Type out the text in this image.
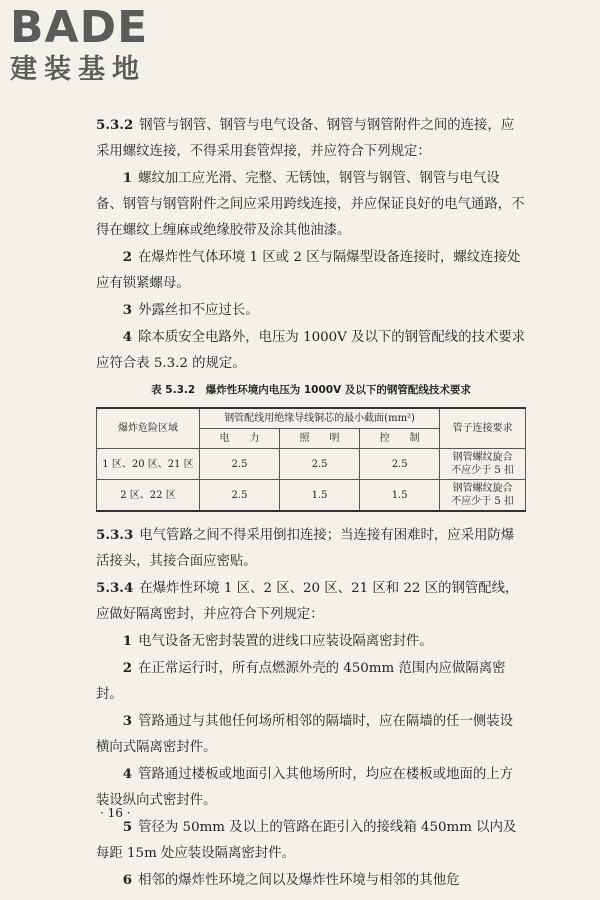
BADE
建装基地

5.3.2 钢管与钢管、钢管与电气设备、钢管与钢管附件之间的连接，应采用螺纹连接，不得采用套管焊接，并应符合下列规定：

1 螺纹加工应光滑、完整、无锈蚀，钢管与钢管、钢管与电气设备、钢管与钢管附件之间应采用跨线连接，并应保证良好的电气通路，不得在螺纹上缠麻或绝缘胶带及涂其他油漆。

2 在爆炸性气体环境 1 区或 2 区与隔爆型设备连接时，螺纹连接处应有锁紧螺母。

3 外露丝扣不应过长。

4 除本质安全电路外，电压为 1000V 及以下的钢管配线的技术要求应符合表 5.3.2 的规定。

表 5.3.2　爆炸性环境内电压为 1000V 及以下的钢管配线技术要求
爆炸危险区域	钢管配线用绝缘导线铜芯的最小截面(mm²)			管子连接要求
	电　　力	照　　明	控　　制	
1 区、20 区、21 区	2.5	2.5	2.5	钢管螺纹旋合
不应少于 5 扣

2 区、22 区	2.5	1.5	1.5	钢管螺纹旋合
不应少于 5 扣

5.3.3 电气管路之间不得采用倒扣连接；当连接有困难时，应采用防爆活接头，其接合面应密贴。

5.3.4 在爆炸性环境 1 区、2 区、20 区、21 区和 22 区的钢管配线，应做好隔离密封，并应符合下列规定：

1 电气设备无密封装置的进线口应装设隔离密封件。

2 在正常运行时，所有点燃源外壳的 450mm 范围内应做隔离密封。

3 管路通过与其他任何场所相邻的隔墙时，应在隔墙的任一侧装设横向式隔离密封件。

4 管路通过楼板或地面引入其他场所时，均应在楼板或地面的上方装设纵向式密封件。

5 管径为 50mm 及以上的管路在距引入的接线箱 450mm 以内及每距 15m 处应装设隔离密封件。

6 相邻的爆炸性环境之间以及爆炸性环境与相邻的其他危

· 16 ·
